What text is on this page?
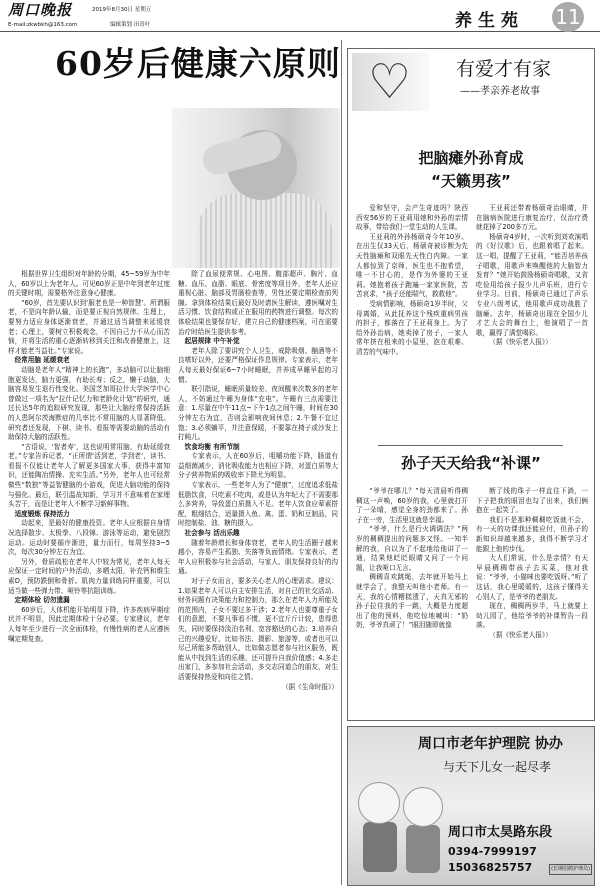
周口晚报	2019年8月30日 星期五
E-mail:zkwbkh@163.com	编辑策划 田青叶	养生苑 11
60岁后健康六原则

根据世界卫生组织对年龄的分期，45~59岁为中年人，60岁以上为老年人。可见60岁正是中年到老年过度的关键时期，需要格外注意身心健康。

“60岁，首先要认识到‘服老也是一种智慧’。所谓服老，不是向年龄认输，而是要正视自然规律。生理上，要努力适应身体逐渐衰老，并通过适当调整来延缓衰老；心理上，要树立积极观念，不因自己力不从心而苦恼，并将生活的重心逐渐转移到关注和改善健康上，这样才能老当益壮。”专家说。

经常用脑 延缓衰老

动脑是老年人“精神上的长跑”，多动脑可以让脑细胞更发达，脑力更强，有助长寿；反之，懒于动脑，大脑容易发生退行性变化。美国芝加哥拉什大学医学中心曾做过一项名为“拉什记忆力和老龄化计划”的研究，通过长达5年的追踪研究发现，那些让大脑经常保持活跃的人患阿尔茨海默症的几率比不常用脑的人显著降低。研究者还发现，下棋、读书、看报等需要动脑的活动有助保持大脑的活跃性。

“古语说，‘智者寿’，这也说明常用脑，有助延缓衰老。”专家告诉记者，“正所谓‘活到老，学到老’，读书、看报不仅能让老年人了解更多国家大事，获得丰富知识，还能陶冶情操、充实生活。”另外，老年人也可经常做些“数独”等益智健脑的小游戏，促进大脑功能的保持与强化。最后，联引温故知新，学习并不意味着在家埋头苦干，而是让老年人不断学习新鲜事物。

适度锻炼 保持活力

动起来，是最好的健康投资。老年人应根据自身情况选择散步、太极拳、八段锦、游泳等运动，避免剧烈运动。运动时要循序渐进，量力而行，每周坚持3~5次，每次30分钟左右为宜。

另外，骨质疏松在老年人中较为常见，老年人每天应保证一定时间的户外活动，多晒太阳，补充钙和维生素D，预防跌倒和骨折。肌肉力量训练同样重要，可以适当做一些弹力带、哑铃等抗阻训练。

定期体检 切勿遗漏

60岁后，人体机能开始明显下降，许多疾病早期症状并不明显，因此定期体检十分必要。专家建议，老年人每年至少进行一次全面体检，有慢性病的老人应遵医嘱定期复查。

除了血尿便常规、心电图、腹部超声、胸片、血糖、血压、血脂、眼底、骨密度等项目外，老年人还应重视心脏、脑部及胃肠检查等，男性还要定期检查前列腺。拿到体检结果后最好及时请医生解读，遵医嘱对生活习惯、饮食结构或正在服用的药物进行调整。每次的体检结果也要保存好，建立自己的健康档案，可在需要治疗时给医生提供参考。

起居规律 中午补觉

老年人除了要讲究个人卫生，戒除吸烟、酗酒等不良嗜好以外，还要严格保证作息规律。专家表示，老年人每天最好保证6~7小时睡眠，并养成早睡早起的习惯。

联引指说，睡眠质量较差、夜间醒来次数多的老年人，不妨通过午睡为身体“充电”。午睡有三点需要注意：1.尽量在中午11点~下午1点之间午睡，时间在30分钟左右为宜，否则会影响夜间休息；2.午餐不宜过饱；3.必须躺平，并注意保暖，不要靠在椅子或沙发上打盹儿。

饮食均衡 有所节制

专家表示，人在60岁后，咀嚼功能下降，肠道有益细菌减少，消化吸收能力也相应下降，对蛋白质等大分子营养物质的吸收率下降尤为明显。

专家表示，一些老年人为了“健康”，过度追求低盐低脂饮食，只吃素不吃肉，或是认为年纪大了不需要那么多营养，导致蛋白质摄入不足。老年人饮食应荤素搭配，粗细结合，适量摄入鱼、禽、蛋、奶和豆制品，同时控制盐、油、糖的摄入。

社会参与 活出乐趣

随着年龄增长和身体衰老，老年人的生活圈子越来越小，容易产生孤独、失落等负面情绪。专家表示，老年人应积极参与社会活动，与家人、朋友保持良好的沟通。

对于子女而言，要多关心老人的心理需求。建议：1.如果老年人可以自主安排生活，对自己的社交活动、财务问题有决策能力和控制力，那么在老年人力所能及的范围内，子女不要过多干涉；2.老年人也要尊重子女们的意愿，不要凡事看不惯，更不宜斤斤计较，患得患失，同时要保持淡泊名利、宽容豁达的心态；3.培养自己的兴趣爱好，比如书法、摄影、旅游等，或者也可以尽己所能多帮助别人，比如做志愿者参与社区服务，既能从中找到生活的乐趣，还可提升自我价值感；4.多走出家门，多参加社会活动，多交志同道合的朋友，对生活要保持热爱和向往之情。

（据《生命时报》）

♡ 有爱才有家
——孝亲养老故事
把脑瘫外孙育成
“天籁男孩”

爱和坚守，会产生奇迹吗？陕西西安56岁的王亚莉用她和外孙的亲情故事，带给我们一堂生动的人生课。

王亚莉的外孙杨硕奇今年10岁。在出生仅33天后，杨硕奇被诊断为先天性脑瘫和双眼先天性白内障。一家人都惊到了京师，医生也不抱希望，唯一不甘心的，是作为外婆的王亚莉。她抱着孩子跑遍一家家医院，苦苦哀求，“孩子还能喘气，救救他”。

受病情影响，杨硕奇1岁半时，父母离婚，从此抚养这个残疾重病男孩的担子，都落在了王亚莉身上。为了给外孙治病，她卖掉了房子，一家人常年挤在租来的小屋里，泡在艰难、清苦的气味中。

王亚莉还带着杨硕奇治眼睛，并在脑病医院进行康复治疗，仅治疗费就花掉了200多万元。

杨硕奇4岁时，一次听到刘欢演唱的《好汉歌》后，也跟着唱了起来。这一唱，提醒了王亚莉，“能否培养孩子唱歌，用歌声来唤醒他的大脑智力发育？”她开始鼓励杨硕奇唱歌，又省吃俭用给孩子报少儿声乐班，进行专业学习。目前，杨硕奇已通过了声乐专业八级考试，他用歌声成功战胜了脑瘫。去年，杨硕奇出现在全国少儿才艺大会的舞台上，他演唱了一首歌，赢得了满堂喝彩。

（据《快乐老人报》）

孙子天天给我“补课”

“爷爷在哪儿？”每天清晨听得稠稠这一声唤，60岁的我，心里就打开了一朵晴，感觉全身的劲都来了。孙子在一旁，生活里这就是幸福。

“爷爷，什么是行火调调法？”两岁的稠稠提出的问题多又怪。一知半解的我，自以为了不起地给他讲了一通，结果他眨眨眼睛又问了一个问题，让我哑口无言。

稠稠喜欢跳绳，去年就开始马上就学会了，我整天叫他小老师。有一天，我的心情糟糕透了，天真无邪的孙子拉住我的手一跳，大概是力度超出了他的预料，他吃惊地喊叫：“奶奶，爷爷真顽了！”眼泪随即就像

断了线的珠子一样直往下淌，一下子把我的眼泪也勾了出来，我们俩抱在一起笑了。

我们不是那种稠稠吃饭就不会，有一天的功课我还能应付，但孙子的新知识却越来越多，我得不断学习才能跟上他的步伐。

大人们常说，什么是亲情？有天早晨稠稠带孩子去买菜，他对我说：“爷爷，小猫咪也要吃饭呀。”听了这话，我心里暖暖的，这孩子懂得关心别人了，是爷爷的老朋友。

现在，稠稠两岁半，马上就要上幼儿园了，他给爷爷的补课暂告一段落。

（据《快乐老人报》）

周口市老年护理院 协办
与天下儿女一起尽孝
周口市太昊路东段
0394-7999197
15036825757	(长期招聘护理员)
